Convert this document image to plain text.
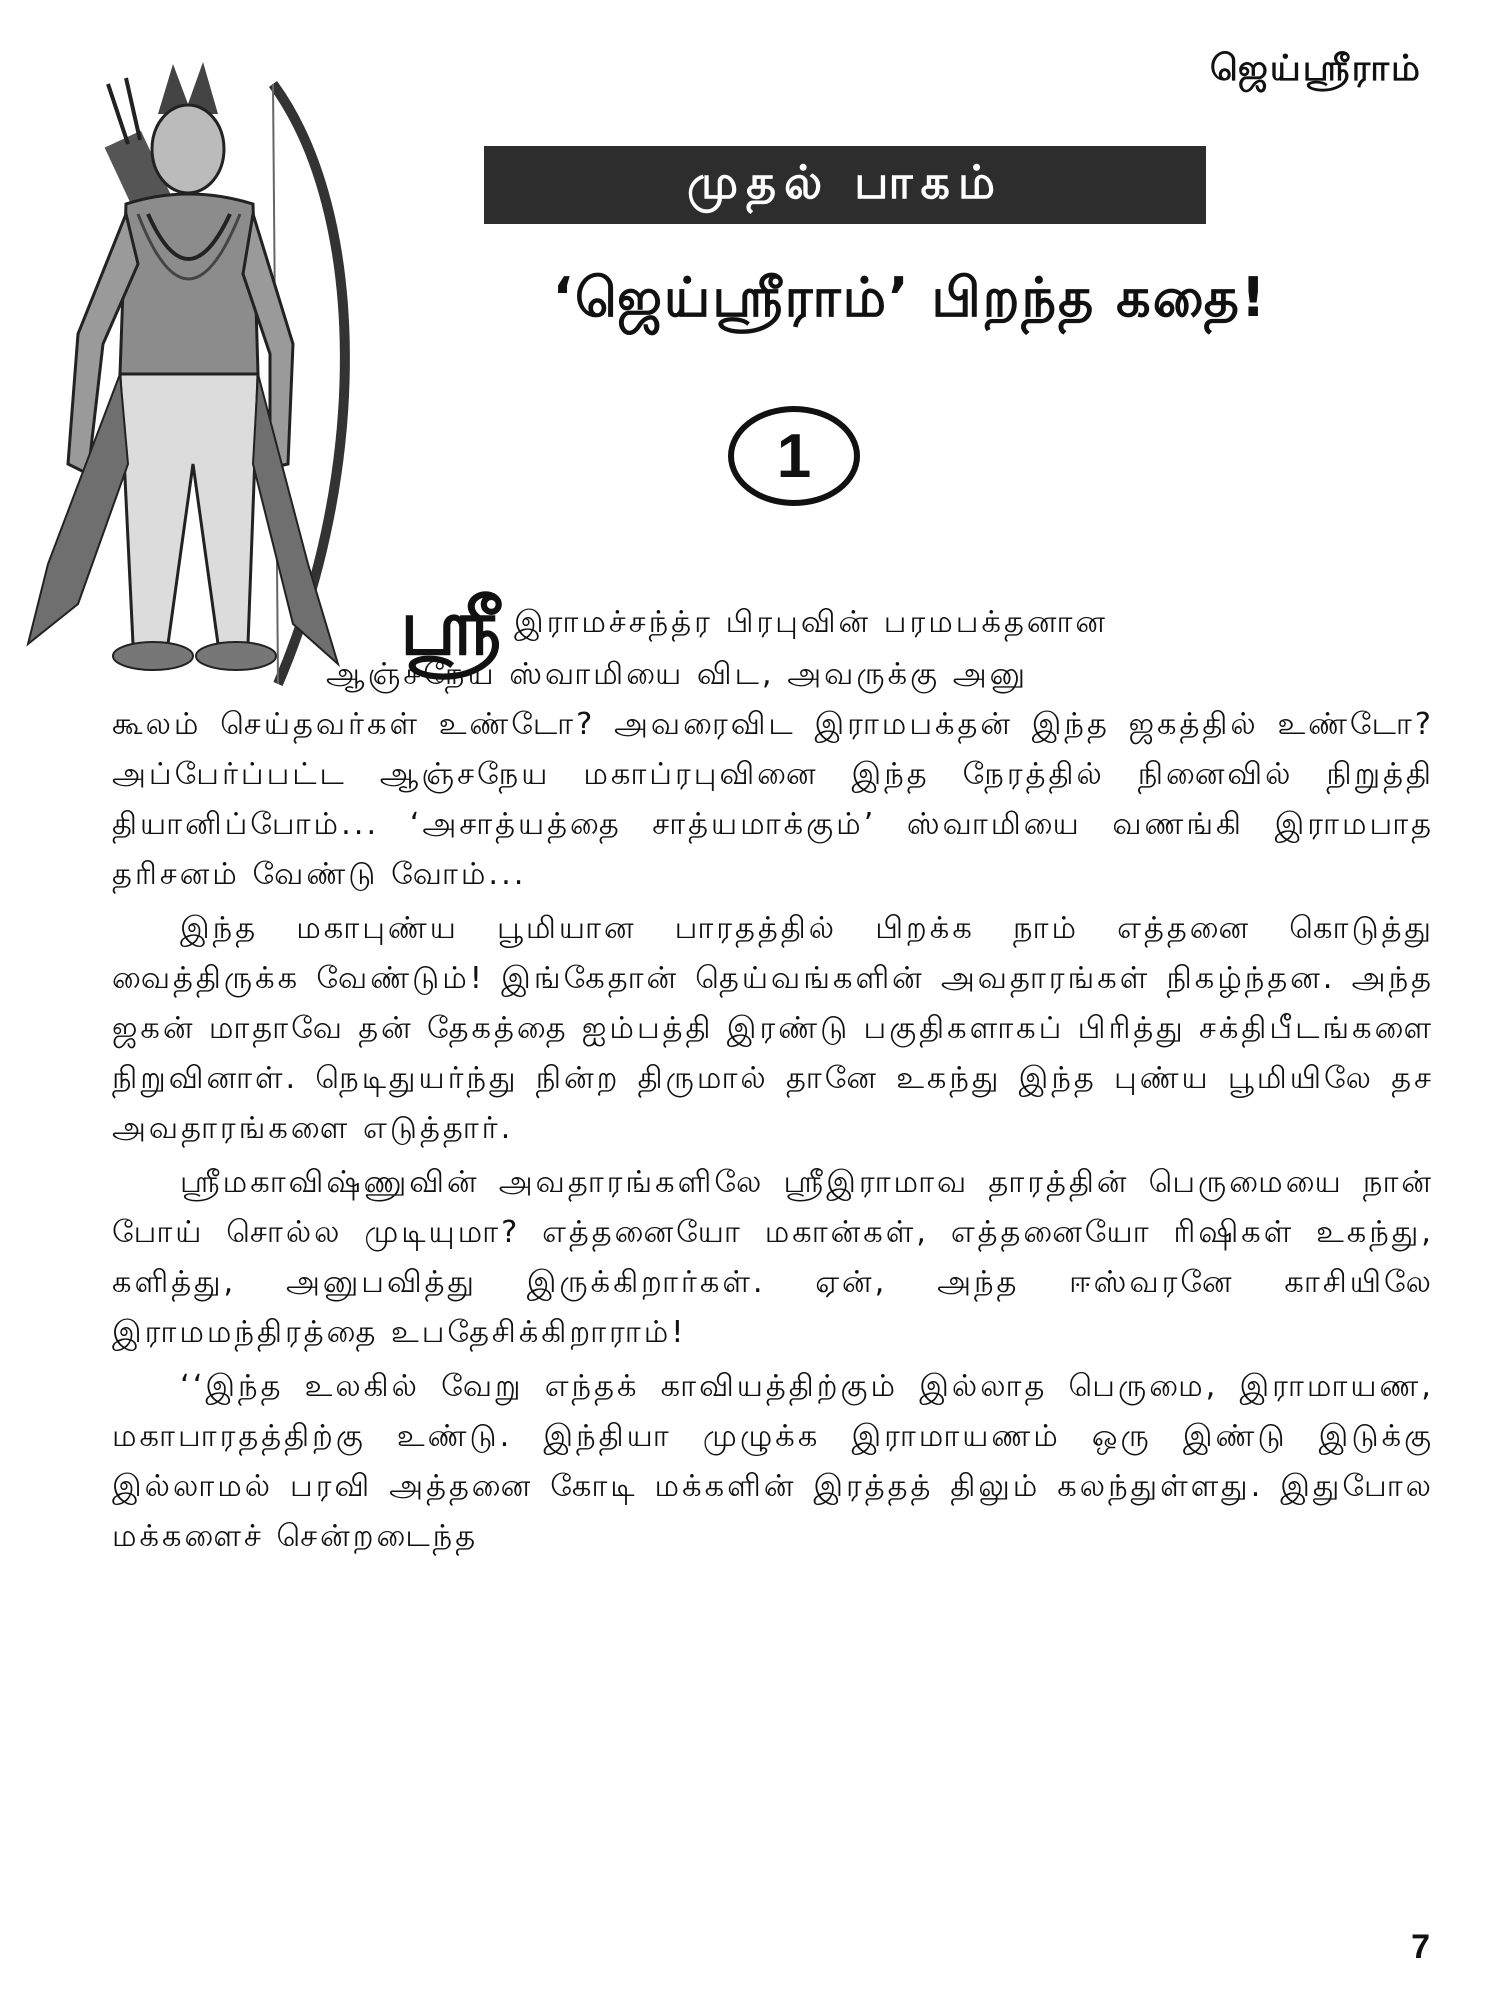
ஜெய்ஸ்ரீராம்
முதல் பாகம்
‘ஜெய்ஸ்ரீராம்’ பிறந்த கதை!
1
ஸ்ரீ இராமச்சந்த்ர பிரபுவின் பரமபக்தனான
ஆஞ்சநேய ஸ்வாமியை விட, அவருக்கு அனு

கூலம் செய்தவர்கள் உண்டோ? அவரைவிட இராமபக்தன் இந்த ஜகத்தில் உண்டோ? அப்பேர்ப்பட்ட ஆஞ்சநேய மகாப்ரபுவினை இந்த நேரத்தில் நினைவில் நிறுத்தி தியானிப்போம்... ‘அசாத்யத்தை சாத்யமாக்கும்’ ஸ்வாமியை வணங்கி இராமபாத தரிசனம் வேண்டு வோம்...

இந்த மகாபுண்ய பூமியான பாரதத்தில் பிறக்க நாம் எத்தனை கொடுத்து வைத்திருக்க வேண்டும்! இங்கேதான் தெய்வங்களின் அவதாரங்கள் நிகழ்ந்தன. அந்த ஜகன் மாதாவே தன் தேகத்தை ஐம்பத்தி இரண்டு பகுதிகளாகப் பிரித்து சக்திபீடங்களை நிறுவினாள். நெடிதுயர்ந்து நின்ற திருமால் தானே உகந்து இந்த புண்ய பூமியிலே தச அவதாரங்களை எடுத்தார்.

ஸ்ரீமகாவிஷ்ணுவின் அவதாரங்களிலே ஸ்ரீஇராமாவ தாரத்தின் பெருமையை நான் போய் சொல்ல முடியுமா? எத்தனையோ மகான்கள், எத்தனையோ ரிஷிகள் உகந்து, களித்து, அனுபவித்து இருக்கிறார்கள். ஏன், அந்த ஈஸ்வரனே காசியிலே இராமமந்திரத்தை உபதேசிக்கிறாராம்!

‘‘இந்த உலகில் வேறு எந்தக் காவியத்திற்கும் இல்லாத பெருமை, இராமாயண, மகாபாரதத்திற்கு உண்டு. இந்தியா முழுக்க இராமாயணம் ஒரு இண்டு இடுக்கு இல்லாமல் பரவி அத்தனை கோடி மக்களின் இரத்தத் திலும் கலந்துள்ளது. இதுபோல மக்களைச் சென்றடைந்த

7
